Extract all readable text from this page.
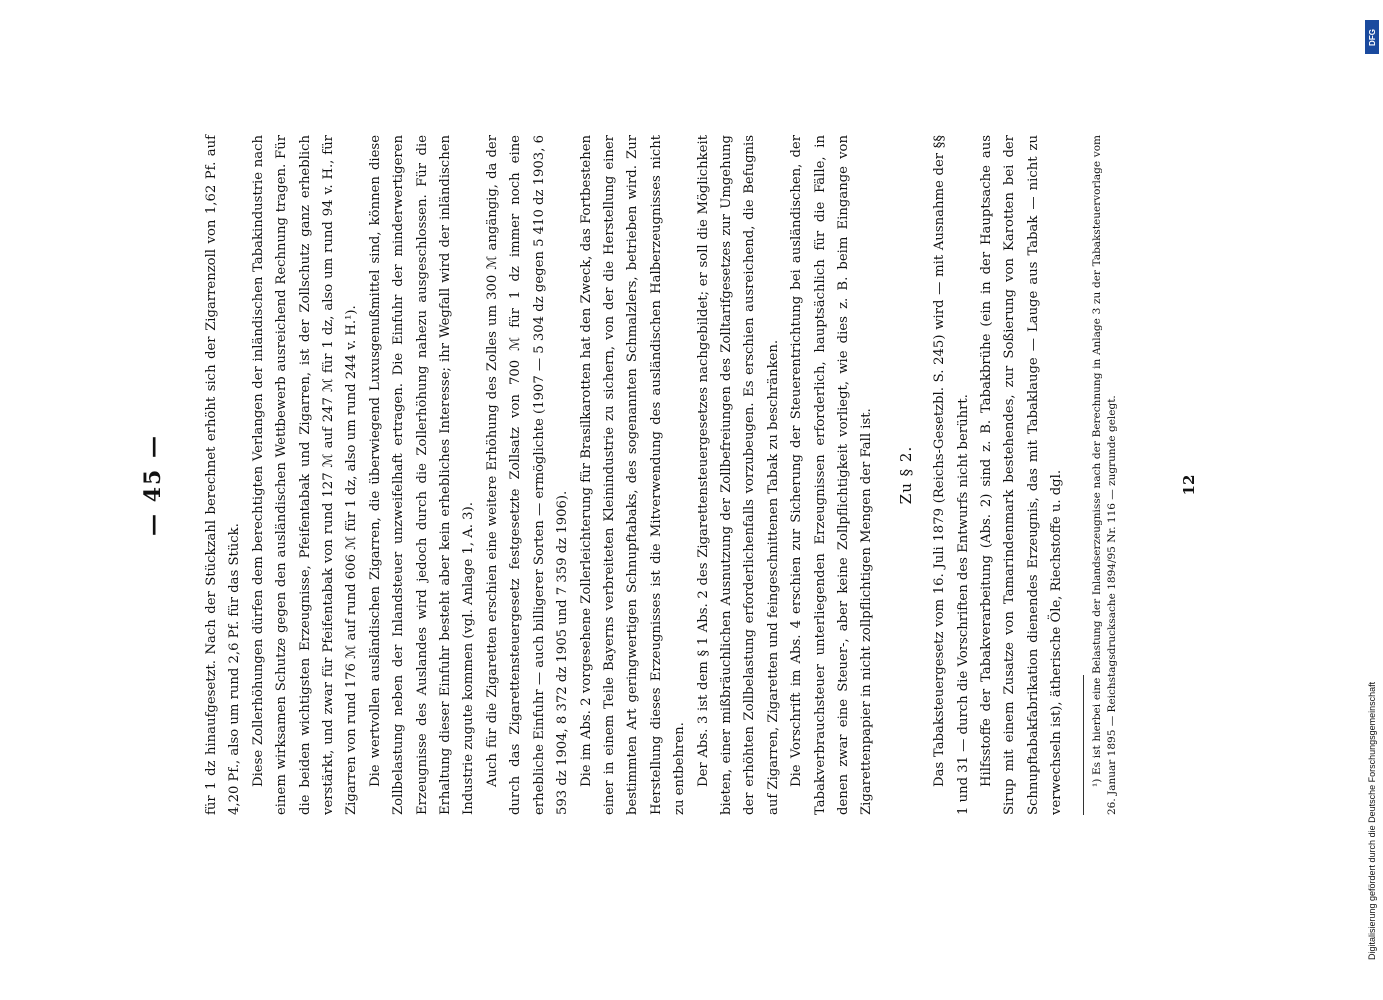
— 45 —	für 1 dz hinaufgesetzt. Nach der Stückzahl berechnet erhöht sich der Zigarrenzoll von 1,62 Pf. auf 4,20 Pf., also um rund 2,6 Pf. für das Stück. Diese Zollerhöhungen dürfen dem berechtigten Verlangen der inländischen Tabakindustrie nach einem wirksamen Schutze gegen den ausländischen Wettbewerb ausreichend Rechnung tragen. Für die beiden wichtigsten Erzeugnisse, Pfeifentabak und Zigarren, ist der Zollschutz ganz erheblich verstärkt, und zwar für Pfeifentabak von rund 127 ℳ auf 247 ℳ für 1 dz, also um rund 94 v. H., für Zigarren von rund 176 ℳ auf rund 606 ℳ für 1 dz, also um rund 244 v. H.¹). Die wertvollen ausländischen Zigarren, die überwiegend Luxusgenußmittel sind, können diese Zollbelastung neben der Inlandsteuer unzweifelhaft ertragen. Die Einfuhr der minderwertigeren Erzeugnisse des Auslandes wird jedoch durch die Zollerhöhung nahezu ausgeschlossen. Für die Erhaltung dieser Einfuhr besteht aber kein erhebliches Interesse; ihr Wegfall wird der inländischen Industrie zugute kommen (vgl. Anlage 1, A. 3). Auch für die Zigaretten erschien eine weitere Erhöhung des Zolles um 300 ℳ angängig, da der durch das Zigarettensteuergesetz festgesetzte Zollsatz von 700 ℳ für 1 dz immer noch eine erhebliche Einfuhr — auch billigerer Sorten — ermöglichte (1907 — 5 304 dz gegen 5 410 dz 1903, 6 593 dz 1904, 8 372 dz 1905 und 7 359 dz 1906). Die im Abs. 2 vorgesehene Zollerleichterung für Brasilkarotten hat den Zweck, das Fortbestehen einer in einem Teile Bayerns verbreiteten Kleinindustrie zu sichern, von der die Herstellung einer bestimmten Art geringwertigen Schnupftabaks, des sogenannten Schmalzlers, betrieben wird. Zur Herstellung dieses Erzeugnisses ist die Mitverwendung des ausländischen Halberzeugnisses nicht zu entbehren. Der Abs. 3 ist dem § 1 Abs. 2 des Zigarettensteuergesetzes nachgebildet; er soll die Möglichkeit bieten, einer mißbräuchlichen Ausnutzung der Zollbefreiungen des Zolltarifgesetzes zur Umgehung der erhöhten Zollbelastung erforderlichenfalls vorzubeugen. Es erschien ausreichend, die Befugnis auf Zigarren, Zigaretten und feingeschnittenen Tabak zu beschränken. Die Vorschrift im Abs. 4 erschien zur Sicherung der Steuerentrichtung bei ausländischen, der Tabakverbrauchsteuer unterliegenden Erzeugnissen erforderlich, hauptsächlich für die Fälle, in denen zwar eine Steuer-, aber keine Zollpflichtigkeit vorliegt, wie dies z. B. beim Eingange von Zigarettenpapier in nicht zollpflichtigen Mengen der Fall ist. Zu § 2.	Das Tabaksteuergesetz vom 16. Juli 1879 (Reichs-Gesetzbl. S. 245) wird — mit Ausnahme der §§ 1 und 31 — durch die Vorschriften des Entwurfs nicht berührt. Hilfsstoffe der Tabakverarbeitung (Abs. 2) sind z. B. Tabakbrühe (ein in der Hauptsache aus Sirup mit einem Zusatze von Tamarindenmark bestehendes, zur Soßierung von Karotten bei der Schnupftabakfabrikation dienendes Erzeugnis, das mit Tabaklauge — Lauge aus Tabak — nicht zu verwechseln ist), ätherische Öle, Riechstoffe u. dgl.	¹) Es ist hierbei eine Belastung der Inlandserzeugnisse nach der Berechnung in Anlage 3 zu der Tabaksteuervorlage vom 26. Januar 1895 — Reichstagsdrucksache 1894/95 Nr. 116 — zugrunde gelegt.	12
DFG
Digitalisierung gefördert durch die Deutsche Forschungsgemeinschaft
